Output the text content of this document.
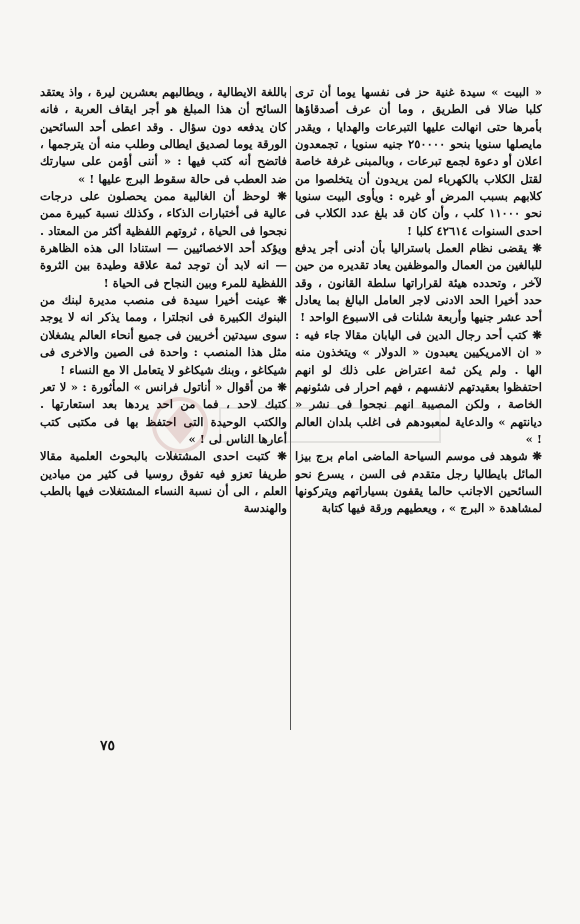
« البيت » سيدة غنية حز فى نفسها يوما أن ترى كلبا ضالا فى الطريق ، وما أن عرف أصدقاؤها بأمرها حتى انهالت عليها التبرعات والهدايا ، ويقدر مايصلها سنويا بنحو ٢٥٠٠٠٠ جنيه سنويا ، تجمعدون اعلان أو دعوة لجمع تبرعات ، وبالمبنى غرفة خاصة لقتل الكلاب بالكهرباء لمن يريدون أن يتخلصوا من كلابهم بسبب المرض أو غيره : ويأوى البيت سنويا نحو ١١٠٠٠ كلب ، وأن كان قد بلغ عدد الكلاب فى احدى السنوات ٤٢٦١٤ كلبا !

❋ يقضى نظام العمل باستراليا بأن أدنى أجر يدفع للبالغين من العمال والموظفين يعاد تقديره من حين لآخر ، وتحدده هيئة لقراراتها سلطة القانون ، وقد حدد أخيرا الحد الادنى لاجر العامل البالغ بما يعادل أحد عشر جنيها وأربعة شلنات فى الاسبوع الواحد !

❋ كتب أحد رجال الدين فى اليابان مقالا جاء فيه : « ان الامريكيين يعبدون « الدولار » ويتخذون منه الها . ولم يكن ثمة اعتراض على ذلك لو انهم احتفظوا بعقيدتهم لانفسهم ، فهم احرار فى شئونهم الخاصة ، ولكن المصيبة انهم نجحوا فى نشر « ديانتهم » والدعاية لمعبودهم فى اغلب بلدان العالم ! »

❋ شوهد فى موسم السياحة الماضى امام برج بيزا المائل بايطاليا رجل متقدم فى السن ، يسرع نحو السائحين الاجانب حالما يقفون بسياراتهم ويتركونها لمشاهدة « البرج » ، ويعطيهم ورقة فيها كتابة

باللغة الايطالية ، ويطالبهم بعشرين ليرة ، واذ يعتقد السائح أن هذا المبلغ هو أجر ايقاف العربة ، فانه كان يدفعه دون سؤال . وقد اعطى أحد السائحين الورقة يوما لصديق ايطالى وطلب منه أن يترجمها ، فاتضح أنه كتب فيها : « أننى أؤمن على سيارتك ضد العطب فى حالة سقوط البرج عليها ! »

❋ لوحظ أن الغالبية ممن يحصلون على درجات عالية فى أختبارات الذكاء ، وكذلك نسبة كبيرة ممن نجحوا فى الحياة ، ثروتهم اللفظية أكثر من المعتاد . ويؤكد أحد الاخصائيين — استنادا الى هذه الظاهرة — انه لابد أن توجد ثمة علاقة وطيدة بين الثروة اللفظية للمرء وبين النجاح فى الحياة !

❋ عينت أخيرا سيدة فى منصب مديرة لبنك من البنوك الكبيرة فى انجلترا ، ومما يذكر انه لا يوجد سوى سيدتين أخريين فى جميع أنحاء العالم يشغلان مثل هذا المنصب : واحدة فى الصين والاخرى فى شيكاغو ، وبنك شيكاغو لا يتعامل الا مع النساء !

❋ من أقوال « أناتول فرانس » المأثورة : « لا تعر كتبك لاحد ، فما من احد يردها بعد استعارتها . والكتب الوحيدة التى احتفظ بها فى مكتبى كتب أعارها الناس لى ! »

❋ كتبت احدى المشتغلات بالبحوث العلمية مقالا طريفا تعزو فيه تفوق روسيا فى كثير من ميادين العلم ، الى أن نسبة النساء المشتغلات فيها بالطب والهندسة

٧٥
